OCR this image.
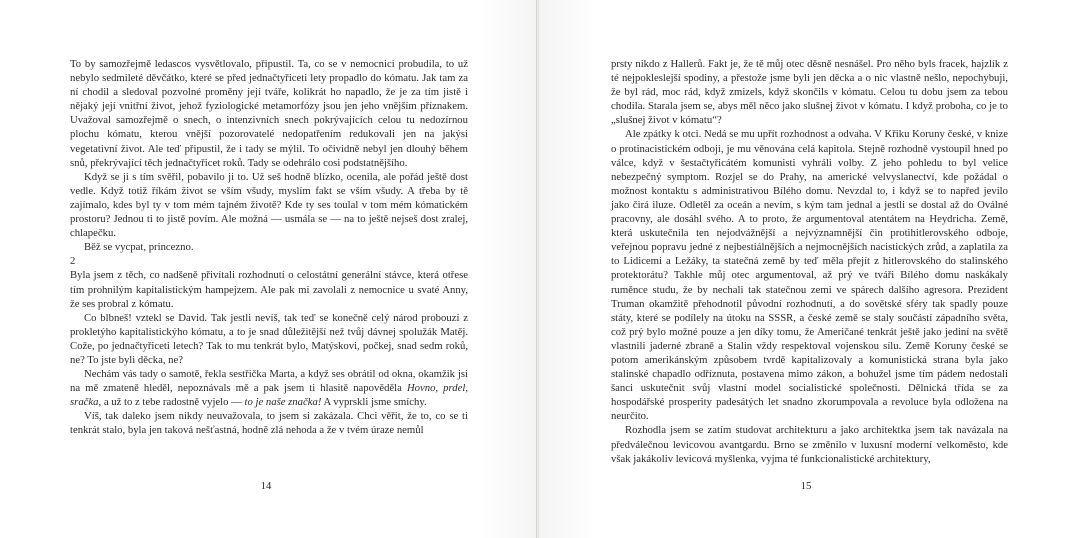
To by samozřejmě ledascos vysvětlovalo, připustil. Ta, co se v nemocnici probudila, to už nebylo sedmileté děvčátko, které se před jednačtyřiceti lety propadlo do kómatu. Jak tam za ní chodil a sledoval pozvolné proměny její tváře, kolikrát ho napadlo, že je za tím jistě i nějaký její vnitřní život, jehož fyziologické metamorfózy jsou jen jeho vnějším příznakem. Uvažoval samozřejmě o snech, o intenzivních snech pokrývajících celou tu nedozírnou plochu kómatu, kterou vnější pozorovatelé nedopatřením redukovali jen na jakýsi vegetativní život. Ale teď připustil, že i tady se mýlil. To očividně nebyl jen dlouhý během snů, překrývající těch jednačtyřicet roků. Tady se odehrálo cosi podstatnějšího.

Když se ji s tím svěřil, pobavilo ji to. Už seš hodně blízko, ocenila, ale pořád ještě dost vedle. Když totiž říkám život se vším všudy, myslím fakt se vším všudy. A třeba by tě zajímalo, kdes byl ty v tom mém tajném životě? Kde ty ses toulal v tom mém kómatickém prostoru? Jednou ti to jistě povím. Ale možná — usmála se — na to ještě nejseš dost zralej, chlapečku.

Běž se vycpat, princezno.

2

Byla jsem z těch, co nadšeně přivítali rozhodnutí o celostátní generální stávce, která otřese tím prohnilým kapitalistickým hampejzem. Ale pak mi zavolali z nemocnice u svaté Anny, že ses probral z kómatu.

Co blbneš! vztekl se David. Tak jestli nevíš, tak teď se konečně celý národ probouzí z prokletýho kapitalistickýho kómatu, a to je snad důležitější než tvůj dávnej spolužák Matěj. Cože, po jednačtyřiceti letech? Tak to mu tenkrát bylo, Matýskovi, počkej, snad sedm roků, ne? To jste byli děcka, ne?

Nechám vás tady o samotě, řekla sestřička Marta, a když ses obrátil od okna, okamžik jsi na mě zmateně hleděl, nepoznávals mě a pak jsem ti hlasitě napověděla Hovno, prdel, sračka, a už to z tebe radostně vyjelo — to je naše značka! A vyprskli jsme smíchy.

Víš, tak daleko jsem nikdy neuvažovala, to jsem si zakázala. Chci věřit, že to, co se ti tenkrát stalo, byla jen taková nešťastná, hodně zlá nehoda a že v tvém úraze nemůl

14

prsty nikdo z Hallerů. Fakt je, že tě můj otec děsně nesnášel. Pro něho byls fracek, hajzlík z té nejpokleslejší spodiny, a přestože jsme byli jen děcka a o nic vlastně nešlo, nepochybuji, že byl rád, moc rád, když zmizels, když skončils v kómatu. Celou tu dobu jsem za tebou chodila. Starala jsem se, abys měl něco jako slušnej život v kómatu. I když proboha, co je to „slušnej život v kómatu“?

Ale zpátky k otci. Nedá se mu upřít rozhodnost a odvaha. V Křiku Koruny české, v knize o protinacistickém odboji, je mu věnována celá kapitola. Stejně rozhodně vystoupil hned po válce, když v šestačtyřicátém komunisti vyhráli volby. Z jeho pohledu to byl velice nebezpečný symptom. Rozjel se do Prahy, na americké velvyslanectví, kde požádal o možnost kontaktu s administrativou Bílého domu. Nevzdal to, i když se to napřed jevilo jako čirá iluze. Odletěl za oceán a nevím, s kým tam jednal a jestli se dostal až do Oválné pracovny, ale dosáhl svého. A to proto, že argumentoval atentátem na Heydricha. Země, která uskutečnila ten nejodvážnější a nejvýznamnější čin protihitlerovského odboje, veřejnou popravu jedné z nejbestiálnějších a nejmocnějších nacistických zrůd, a zaplatila za to Lidicemi a Ležáky, ta statečná země by teď měla přejít z hitlerovského do stalinského protektorátu? Takhle můj otec argumentoval, až prý ve tváři Bílého domu naskákaly ruměnce studu, že by nechali tak statečnou zemi ve spárech dalšího agresora. Prezident Truman okamžitě přehodnotil původní rozhodnutí, a do sovětské sféry tak spadly pouze státy, které se podílely na útoku na SSSR, a české země se staly součástí západního světa, což prý bylo možné pouze a jen díky tomu, že Američané tenkrát ještě jako jediní na světě vlastnili jaderné zbraně a Stalin vždy respektoval vojenskou sílu. Země Koruny české se potom amerikánským způsobem tvrdě kapitalizovaly a komunistická strana byla jako stalinské chapadlo odříznuta, postavena mimo zákon, a bohužel jsme tím pádem nedostali šanci uskutečnit svůj vlastní model socialistické společnosti. Dělnická třída se za hospodářské prosperity padesátých let snadno zkorumpovala a revoluce byla odložena na neurčito.

Rozhodla jsem se zatím studovat architekturu a jako architektka jsem tak navázala na předválečnou levicovou avantgardu. Brno se změnilo v luxusní moderní velkoměsto, kde však jakákoliv levicová myšlenka, vyjma té funkcionalistické architektury,

15
